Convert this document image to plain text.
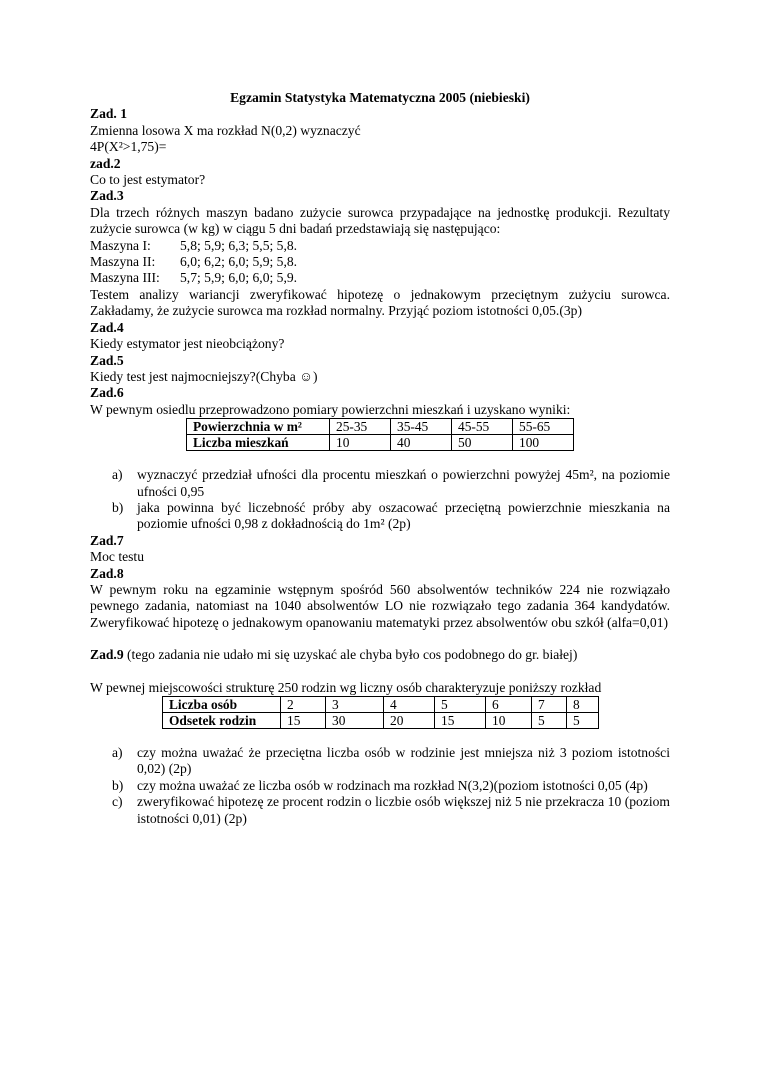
Egzamin Statystyka Matematyczna 2005 (niebieski)
Zad. 1
Zmienna losowa X ma rozkład N(0,2) wyznaczyć
4P(X²>1,75)=
zad.2
Co to jest estymator?
Zad.3
Dla trzech różnych maszyn badano zużycie surowca przypadające na jednostkę produkcji. Rezultaty zużycie surowca (w kg) w ciągu 5 dni badań przedstawiają się następująco:
Maszyna I:	5,8; 5,9; 6,3; 5,5; 5,8.
Maszyna II:	6,0; 6,2; 6,0; 5,9; 5,8.
Maszyna III:	5,7; 5,9; 6,0; 6,0; 5,9.
Testem analizy wariancji zweryfikować hipotezę o jednakowym przeciętnym zużyciu surowca. Zakładamy, że zużycie surowca ma rozkład normalny. Przyjąć poziom istotności 0,05.(3p)
Zad.4
Kiedy estymator jest nieobciążony?
Zad.5
Kiedy test jest najmocniejszy?(Chyba ☺)
Zad.6
W pewnym osiedlu przeprowadzono pomiary powierzchni mieszkań i uzyskano wyniki:
Powierzchnia w m²	25-35	35-45	45-55	55-65
Liczba mieszkań	10	40	50	100
a) wyznaczyć przedział ufności dla procentu mieszkań o powierzchni powyżej 45m², na poziomie ufności 0,95
b) jaka powinna być liczebność próby aby oszacować przeciętną powierzchnie mieszkania na poziomie ufności 0,98 z dokładnością do 1m² (2p)
Zad.7
Moc testu
Zad.8
W pewnym roku na egzaminie wstępnym spośród 560 absolwentów techników 224 nie rozwiązało pewnego zadania, natomiast na 1040 absolwentów LO nie rozwiązało tego zadania 364 kandydatów. Zweryfikować hipotezę o jednakowym opanowaniu matematyki przez absolwentów obu szkół (alfa=0,01)
Zad.9 (tego zadania nie udało mi się uzyskać ale chyba było cos podobnego do gr. białej)
W pewnej miejscowości strukturę 250 rodzin wg liczny osób charakteryzuje poniższy rozkład
Liczba osób	2	3	4	5	6	7	8
Odsetek rodzin	15	30	20	15	10	5	5
a) czy można uważać że przeciętna liczba osób w rodzinie jest mniejsza niż 3 poziom istotności 0,02) (2p)
b) czy można uważać ze liczba osób w rodzinach ma rozkład N(3,2)(poziom istotności 0,05 (4p)
c) zweryfikować hipotezę ze procent rodzin o liczbie osób większej niż 5 nie przekracza 10 (poziom istotności 0,01) (2p)
